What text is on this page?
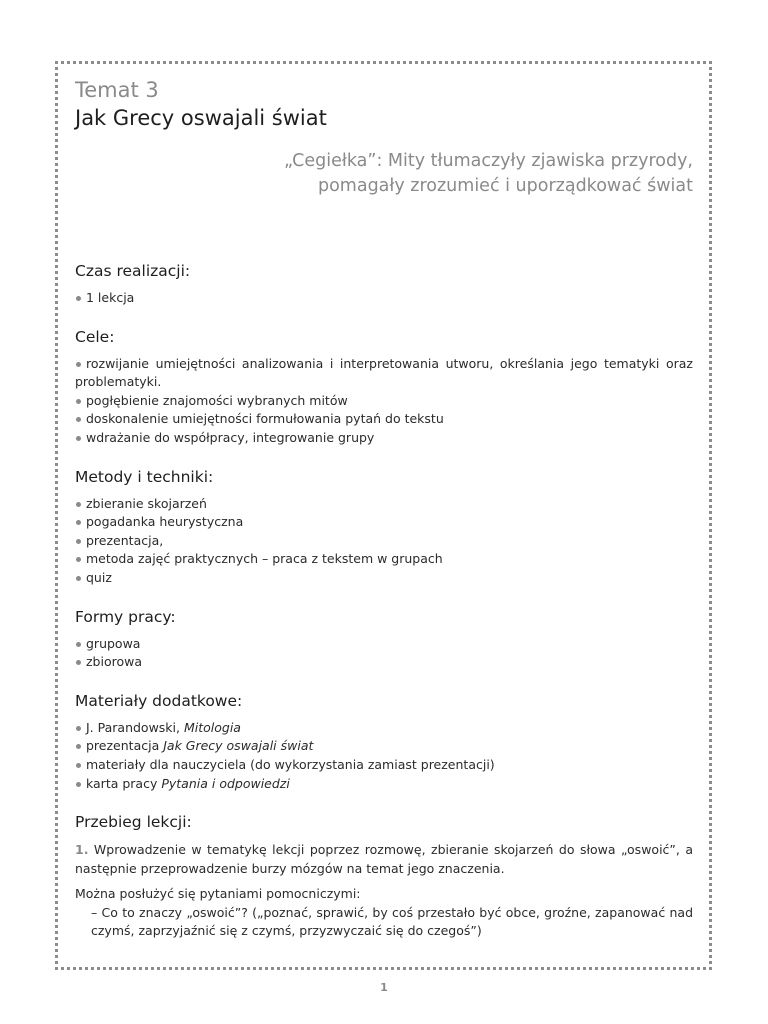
Temat 3
Jak Grecy oswajali świat
„Cegiełka”: Mity tłumaczyły zjawiska przyrody,
pomagały zrozumieć i uporządkować świat
Czas realizacji:
1 lekcja
Cele:
rozwijanie umiejętności analizowania i interpretowania utworu, określania jego tematyki oraz problematyki.
pogłębienie znajomości wybranych mitów
doskonalenie umiejętności formułowania pytań do tekstu
wdrażanie do współpracy, integrowanie grupy
Metody i techniki:
zbieranie skojarzeń
pogadanka heurystyczna
prezentacja,
metoda zajęć praktycznych – praca z tekstem w grupach
quiz
Formy pracy:
grupowa
zbiorowa
Materiały dodatkowe:
J. Parandowski, Mitologia
prezentacja Jak Grecy oswajali świat
materiały dla nauczyciela (do wykorzystania zamiast prezentacji)
karta pracy Pytania i odpowiedzi
Przebieg lekcji:
1. Wprowadzenie w tematykę lekcji poprzez rozmowę, zbieranie skojarzeń do słowa „oswoić”, a następnie przeprowadzenie burzy mózgów na temat jego znaczenia.
Można posłużyć się pytaniami pomocniczymi:
– Co to znaczy „oswoić”? („poznać, sprawić, by coś przestało być obce, groźne, zapanować nad czymś, zaprzyjaźnić się z czymś, przyzwyczaić się do czegoś”)
1
